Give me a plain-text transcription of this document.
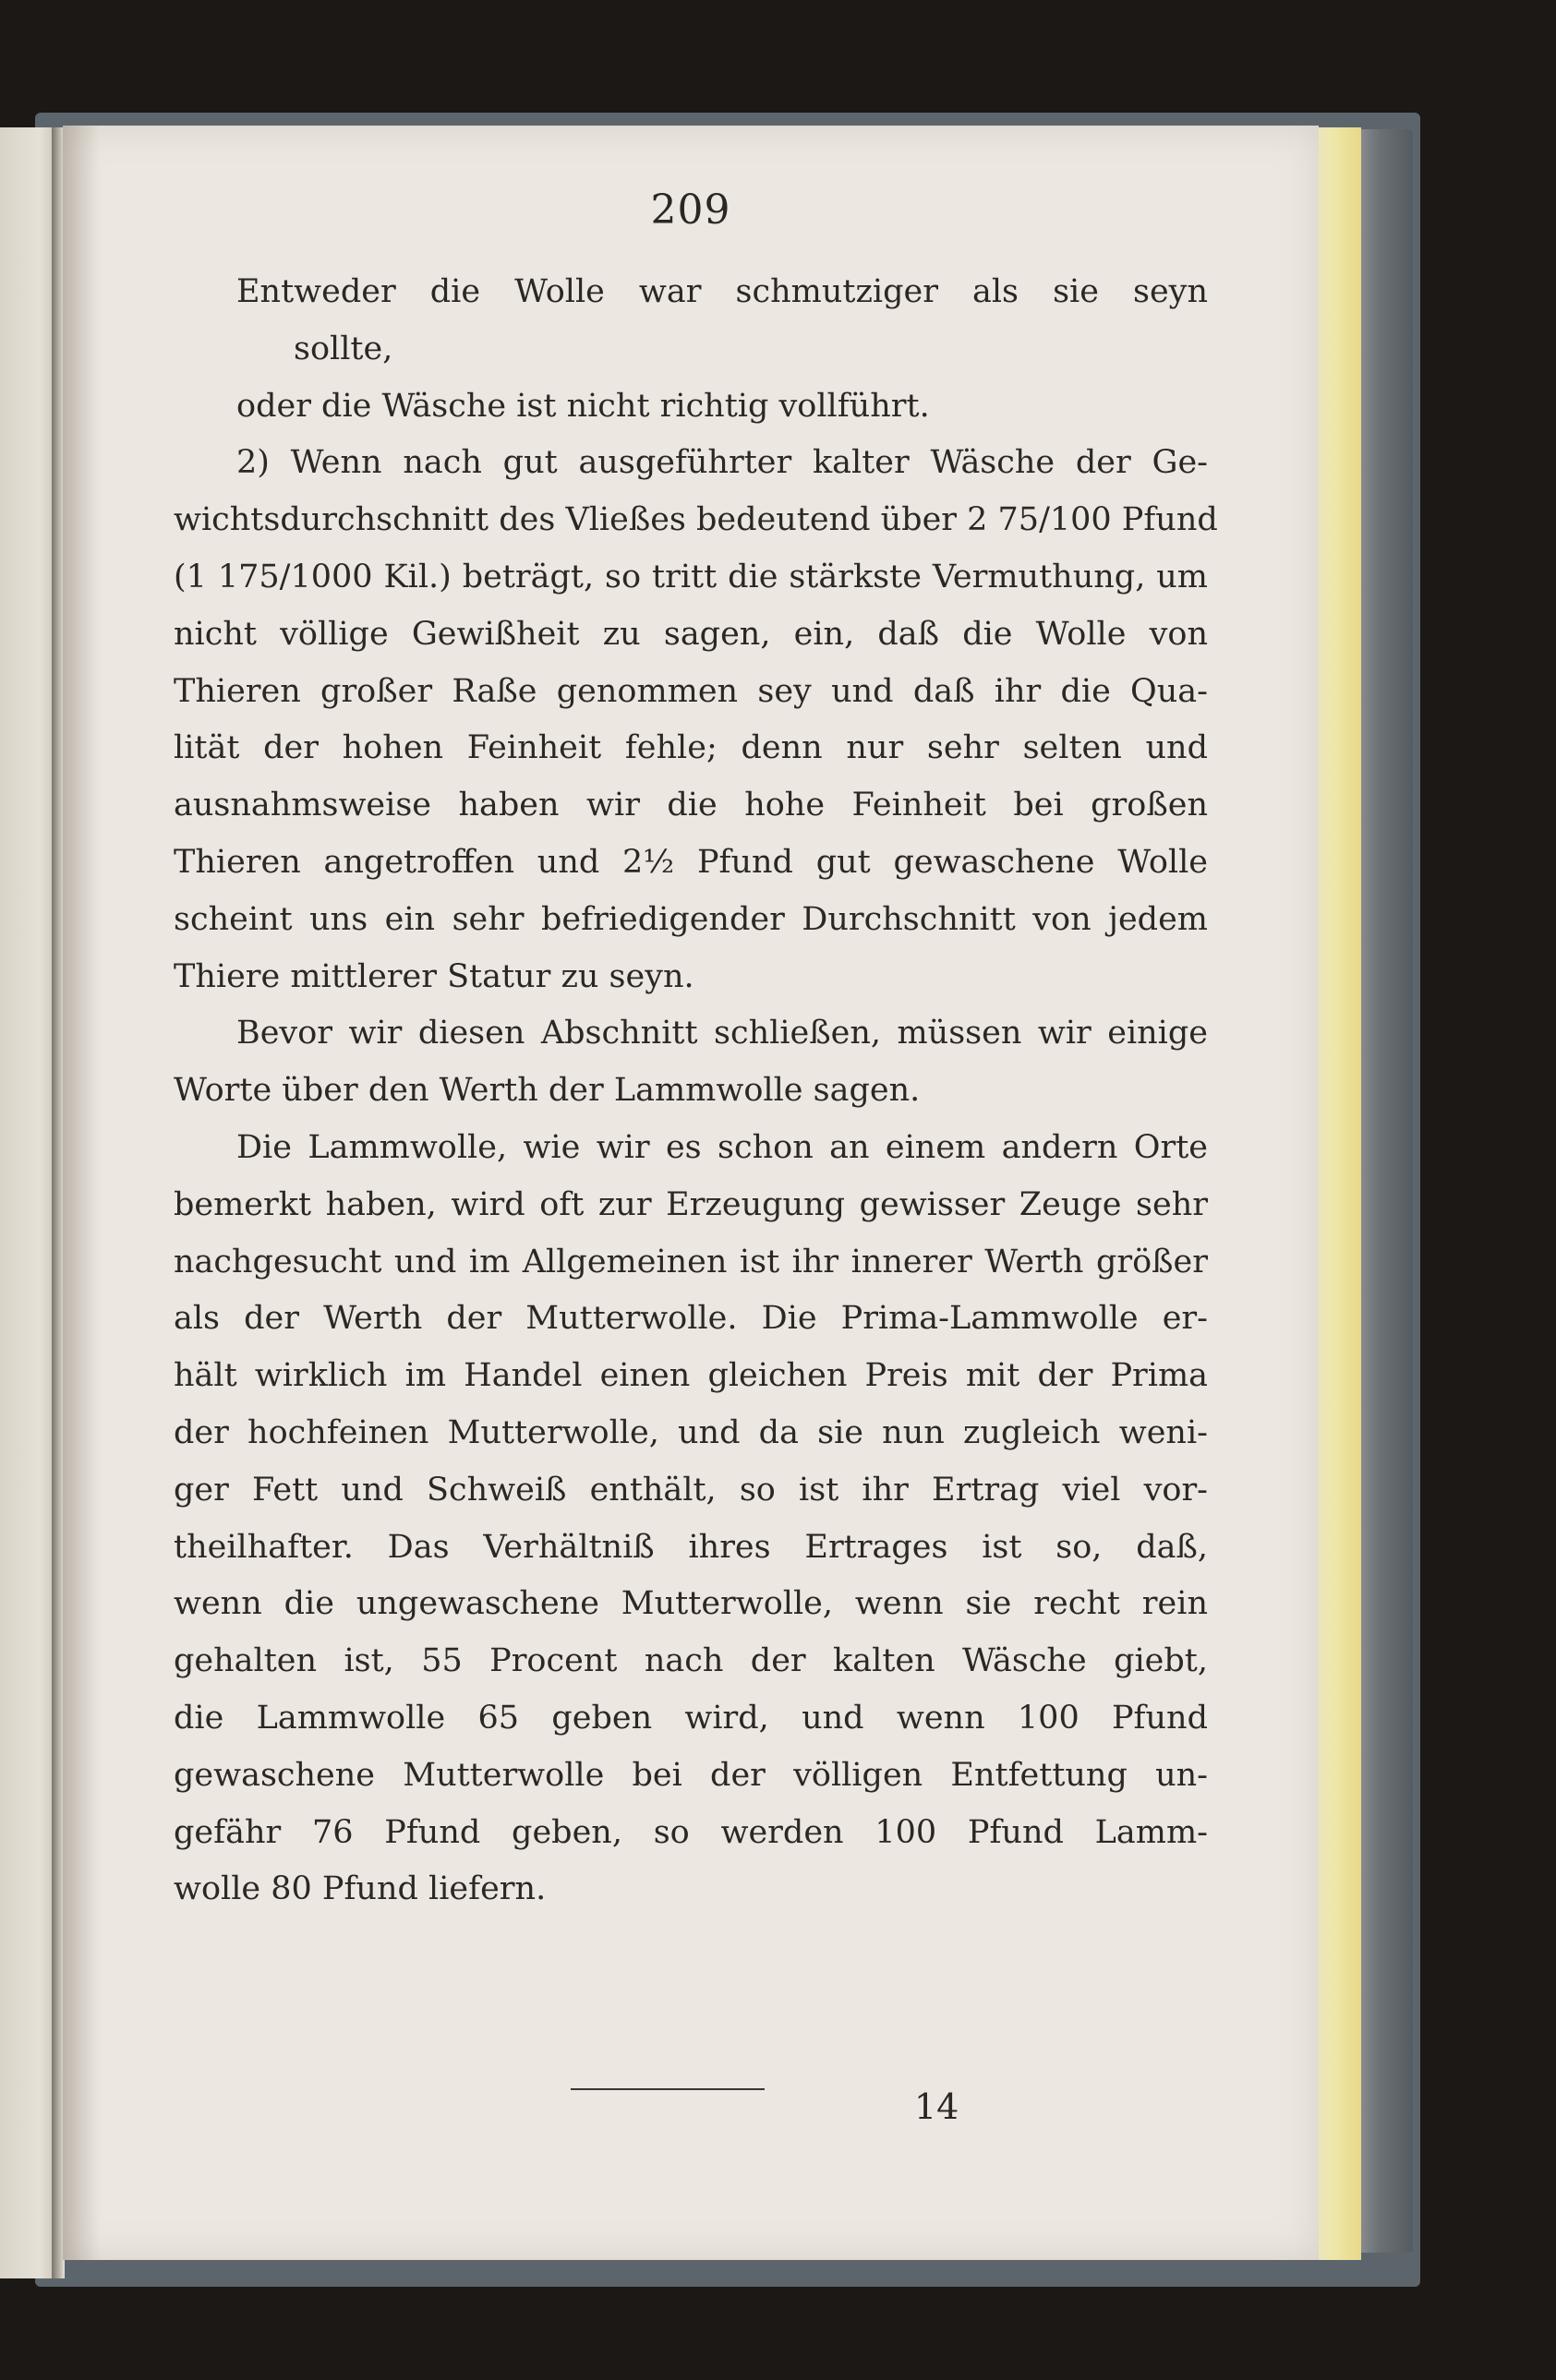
209
Entweder die Wolle war schmutziger als sie seyn
sollte,
oder die Wäsche ist nicht richtig vollführt.
2) Wenn nach gut ausgeführter kalter Wäsche der Ge-
wichtsdurchschnitt des Vließes bedeutend über 2 75/100 Pfund
(1 175/1000 Kil.) beträgt, so tritt die stärkste Vermuthung, um
nicht völlige Gewißheit zu sagen, ein, daß die Wolle von
Thieren großer Raße genommen sey und daß ihr die Qua-
lität der hohen Feinheit fehle; denn nur sehr selten und
ausnahmsweise haben wir die hohe Feinheit bei großen
Thieren angetroffen und 2½ Pfund gut gewaschene Wolle
scheint uns ein sehr befriedigender Durchschnitt von jedem
Thiere mittlerer Statur zu seyn.
Bevor wir diesen Abschnitt schließen, müssen wir einige
Worte über den Werth der Lammwolle sagen.
Die Lammwolle, wie wir es schon an einem andern Orte
bemerkt haben, wird oft zur Erzeugung gewisser Zeuge sehr
nachgesucht und im Allgemeinen ist ihr innerer Werth größer
als der Werth der Mutterwolle. Die Prima-Lammwolle er-
hält wirklich im Handel einen gleichen Preis mit der Prima
der hochfeinen Mutterwolle, und da sie nun zugleich weni-
ger Fett und Schweiß enthält, so ist ihr Ertrag viel vor-
theilhafter. Das Verhältniß ihres Ertrages ist so, daß,
wenn die ungewaschene Mutterwolle, wenn sie recht rein
gehalten ist, 55 Procent nach der kalten Wäsche giebt,
die Lammwolle 65 geben wird, und wenn 100 Pfund
gewaschene Mutterwolle bei der völligen Entfettung un-
gefähr 76 Pfund geben, so werden 100 Pfund Lamm-
wolle 80 Pfund liefern.
14
